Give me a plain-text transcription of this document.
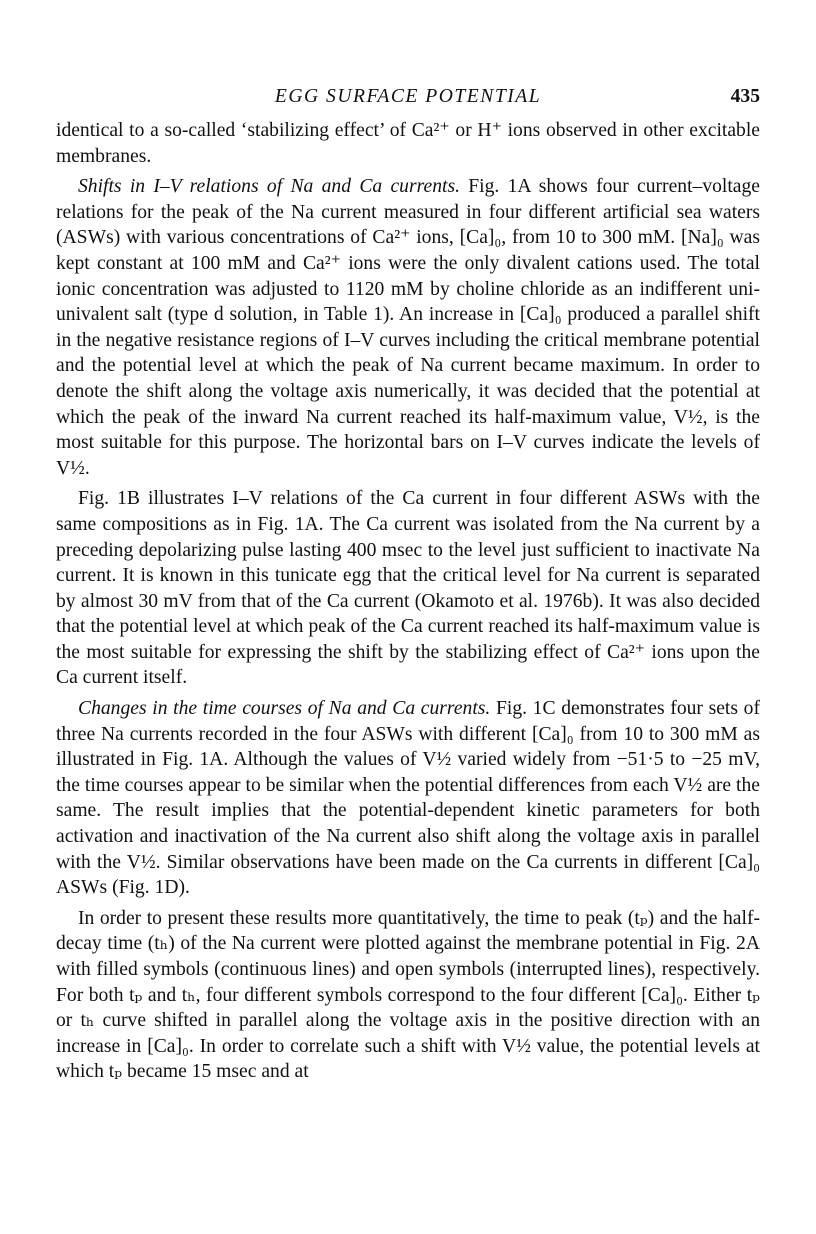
EGG SURFACE POTENTIAL	435

identical to a so-called ‘stabilizing effect’ of Ca²⁺ or H⁺ ions observed in other excitable membranes.

Shifts in I–V relations of Na and Ca currents. Fig. 1A shows four current–voltage relations for the peak of the Na current measured in four different artificial sea waters (ASWs) with various concentrations of Ca²⁺ ions, [Ca]₀, from 10 to 300 mM. [Na]₀ was kept constant at 100 mM and Ca²⁺ ions were the only divalent cations used. The total ionic concentration was adjusted to 1120 mM by choline chloride as an indifferent uni-univalent salt (type d solution, in Table 1). An increase in [Ca]₀ produced a parallel shift in the negative resistance regions of I–V curves including the critical membrane potential and the potential level at which the peak of Na current became maximum. In order to denote the shift along the voltage axis numerically, it was decided that the potential at which the peak of the inward Na current reached its half-maximum value, V½, is the most suitable for this purpose. The horizontal bars on I–V curves indicate the levels of V½.

Fig. 1B illustrates I–V relations of the Ca current in four different ASWs with the same compositions as in Fig. 1A. The Ca current was isolated from the Na current by a preceding depolarizing pulse lasting 400 msec to the level just sufficient to inactivate Na current. It is known in this tunicate egg that the critical level for Na current is separated by almost 30 mV from that of the Ca current (Okamoto et al. 1976b). It was also decided that the potential level at which peak of the Ca current reached its half-maximum value is the most suitable for expressing the shift by the stabilizing effect of Ca²⁺ ions upon the Ca current itself.

Changes in the time courses of Na and Ca currents. Fig. 1C demonstrates four sets of three Na currents recorded in the four ASWs with different [Ca]₀ from 10 to 300 mM as illustrated in Fig. 1A. Although the values of V½ varied widely from −51·5 to −25 mV, the time courses appear to be similar when the potential differences from each V½ are the same. The result implies that the potential-dependent kinetic parameters for both activation and inactivation of the Na current also shift along the voltage axis in parallel with the V½. Similar observations have been made on the Ca currents in different [Ca]₀ ASWs (Fig. 1D).

In order to present these results more quantitatively, the time to peak (tₚ) and the half-decay time (tₕ) of the Na current were plotted against the membrane potential in Fig. 2A with filled symbols (continuous lines) and open symbols (interrupted lines), respectively. For both tₚ and tₕ, four different symbols correspond to the four different [Ca]₀. Either tₚ or tₕ curve shifted in parallel along the voltage axis in the positive direction with an increase in [Ca]₀. In order to correlate such a shift with V½ value, the potential levels at which tₚ became 15 msec and at
